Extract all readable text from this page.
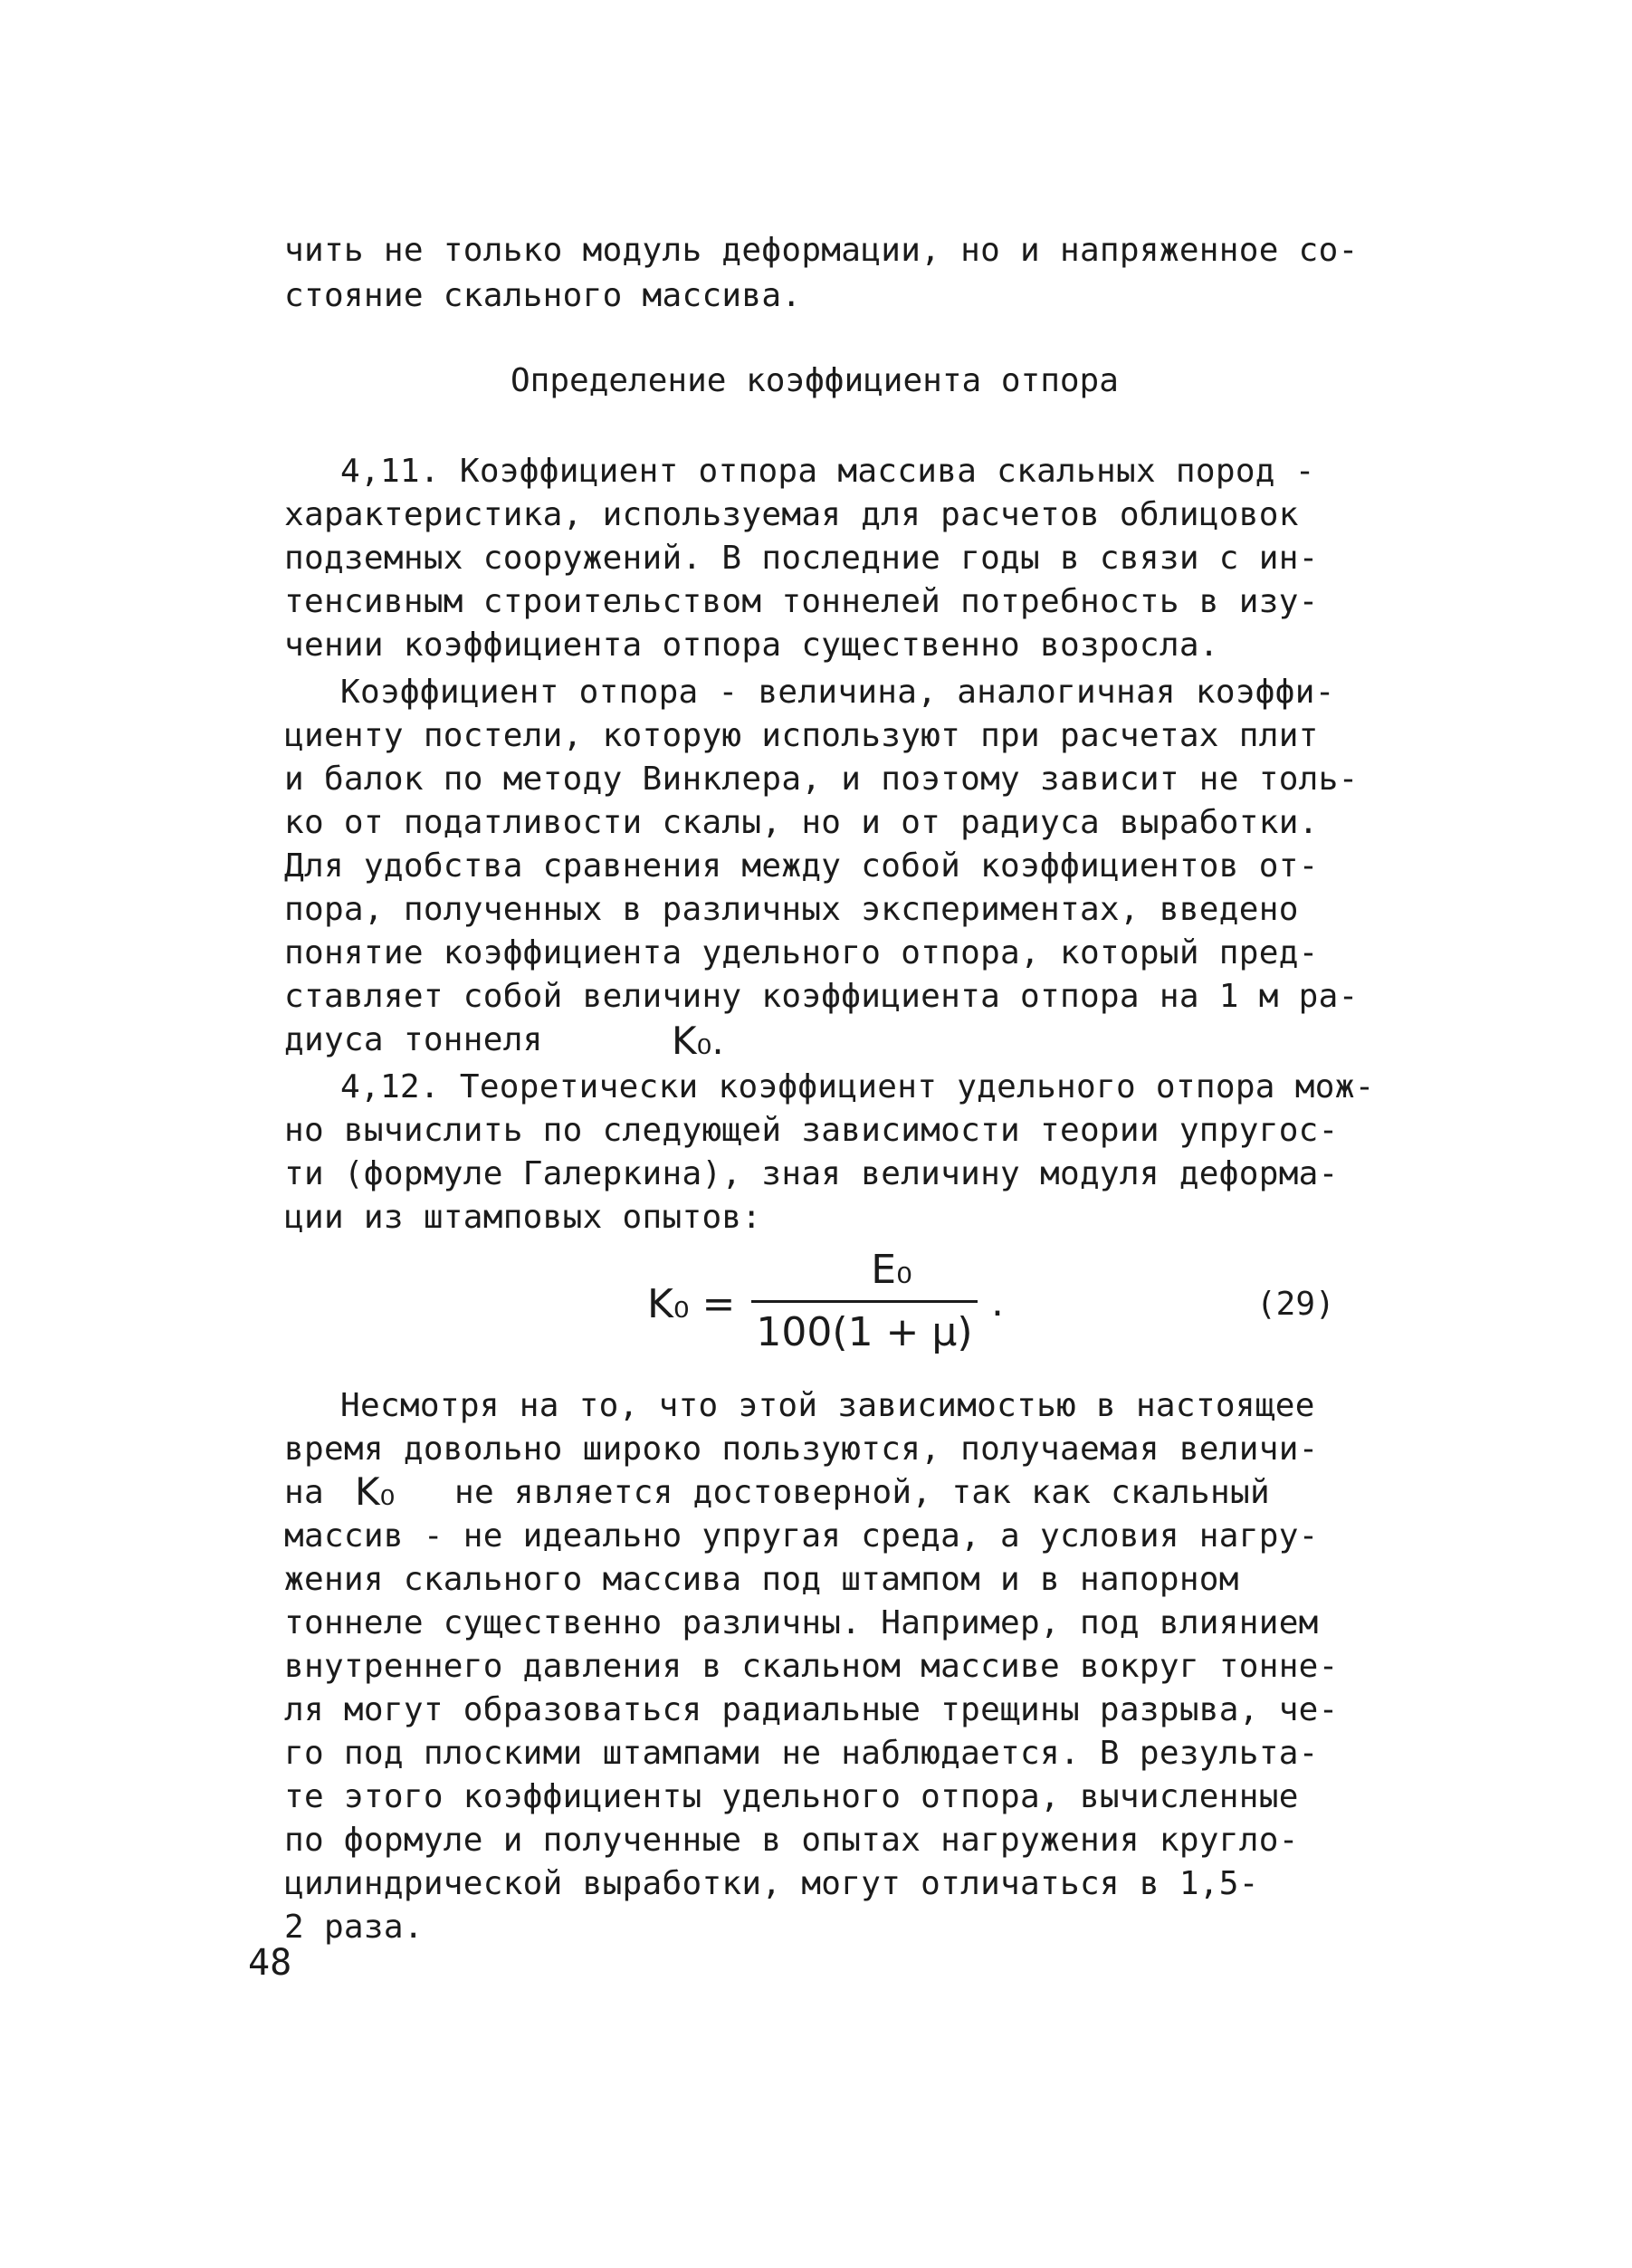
чить не только модуль деформации, но и напряженное со-
стояние скального массива.
Определение коэффициента отпора
4,11. Коэффициент отпора массива скальных пород -
характеристика, используемая для расчетов облицовок
подземных сооружений. В последние годы в связи с ин-
тенсивным строительством тоннелей потребность в изу-
чении коэффициента отпора существенно возросла.
Коэффициент отпора - величина, аналогичная коэффи-
циенту постели, которую используют при расчетах плит
и балок по методу Винклера, и поэтому зависит не толь-
ко от податливости скалы, но и от радиуса выработки.
Для удобства сравнения между собой коэффициентов от-
пора, полученных в различных экспериментах, введено
понятие коэффициента удельного отпора, который пред-
ставляет собой величину коэффициента отпора на 1 м ра-
диуса тоннеля	K₀.
4,12. Теоретически коэффициент удельного отпора мож-
но вычислить по следующей зависимости теории упругос-
ти (формуле Галеркина), зная величину модуля деформа-
ции из штамповых опытов:
K₀ =
E₀
100(1 + μ)
.	(29)
Несмотря на то, что этой зависимостью в настоящее
время довольно широко пользуются, получаемая величи-
на K₀ не является достоверной, так как скальный
массив - не идеально упругая среда, а условия нагру-
жения скального массива под штампом и в напорном
тоннеле существенно различны. Например, под влиянием
внутреннего давления в скальном массиве вокруг тонне-
ля могут образоваться радиальные трещины разрыва, че-
го под плоскими штампами не наблюдается. В результа-
те этого коэффициенты удельного отпора, вычисленные
по формуле и полученные в опытах нагружения кругло-
цилиндрической выработки, могут отличаться в 1,5-
2 раза.
48
